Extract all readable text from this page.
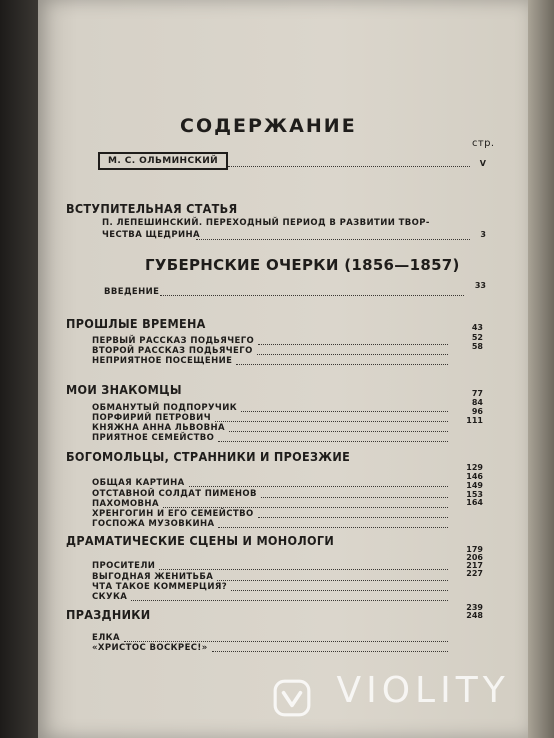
СОДЕРЖАНИЕ
стр.
М. С. ОЛЬМИНСКИЙ	V
ВСТУПИТЕЛЬНАЯ СТАТЬЯ
П. ЛЕПЕШИНСКИЙ. ПЕРЕХОДНЫЙ ПЕРИОД В РАЗВИТИИ ТВОР-
ЧЕСТВА ЩЕДРИНА	3
ГУБЕРНСКИЕ ОЧЕРКИ (1856—1857)
ВВЕДЕНИЕ
33
ПРОШЛЫЕ ВРЕМЕНА
ПЕРВЫЙ РАССКАЗ ПОДЬЯЧЕГО
43
ВТОРОЙ РАССКАЗ ПОДЬЯЧЕГО
52
НЕПРИЯТНОЕ ПОСЕЩЕНИЕ
58
МОИ ЗНАКОМЦЫ
ОБМАНУТЫЙ ПОДПОРУЧИК
77
ПОРФИРИЙ ПЕТРОВИЧ
84
КНЯЖНА АННА ЛЬВОВНА
96
ПРИЯТНОЕ СЕМЕЙСТВО
111
БОГОМОЛЬЦЫ, СТРАННИКИ И ПРОЕЗЖИЕ
ОБЩАЯ КАРТИНА
129
ОТСТАВНОЙ СОЛДАТ ПИМЕНОВ
146
ПАХОМОВНА
149
ХРЕНГОГИН И ЕГО СЕМЕЙСТВО
153
ГОСПОЖА МУЗОВКИНА
164
ДРАМАТИЧЕСКИЕ СЦЕНЫ И МОНОЛОГИ
ПРОСИТЕЛИ
179
ВЫГОДНАЯ ЖЕНИТЬБА
206
ЧТА ТАКОЕ КОММЕРЦИЯ?
217
СКУКА
227
ПРАЗДНИКИ
ЕЛКА
239
«ХРИСТОС ВОСКРЕС!»
248
VIOLITY
